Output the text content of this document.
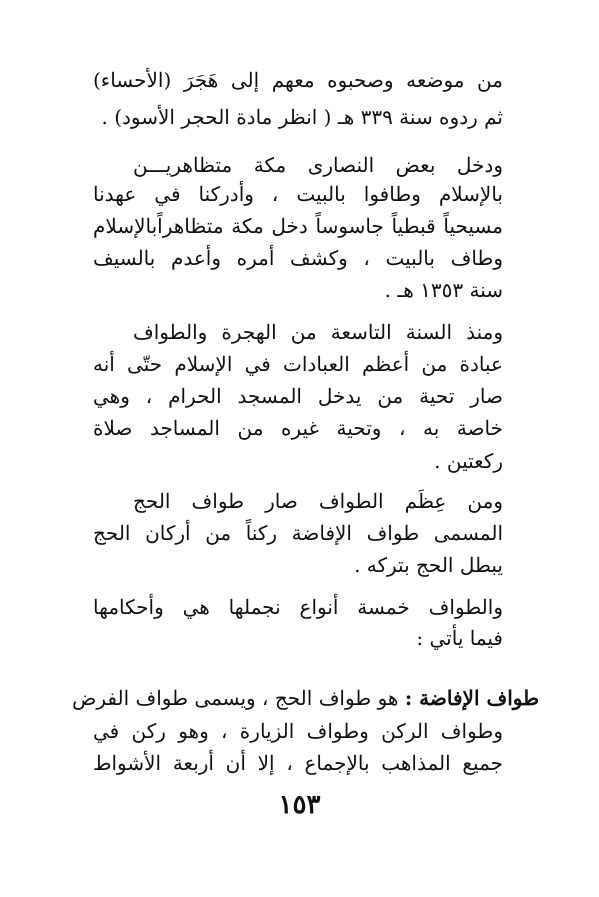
من موضعه وصحبوه معهم إلى هَجَرَ (الأحساء)
ثم ردوه سنة ٣٣٩ هـ ( انظر مادة الحجر الأسود) .
ودخل بعض النصارى مكة متظاهريـــن
بالإسلام وطافوا بالبيت ، وأدركنا في عهدنا
مسيحياً قبطياً جاسوساً دخل مكة متظاهراًبالإسلام
وطاف بالبيت ، وكشف أمره وأعدم بالسيف
سنة ١٣٥٣ هـ .
ومنذ السنة التاسعة من الهجرة والطواف
عبادة من أعظم العبادات في الإسلام حتّى أنه
صار تحية من يدخل المسجد الحرام ، وهي
خاصة به ، وتحية غيره من المساجد صلاة
ركعتين .
ومن عِظَم الطواف صار طواف الحج
المسمى طواف الإفاضة ركناً من أركان الحج
يبطل الحج بتركه .
والطواف خمسة أنواع نجملها هي وأحكامها
فيما يأتي :
طواف الإفاضة : هو طواف الحج ، ويسمى طواف الفرض
وطواف الركن وطواف الزيارة ، وهو ركن في
جميع المذاهب بالإجماع ، إلا أن أربعة الأشواط
١٥٣
